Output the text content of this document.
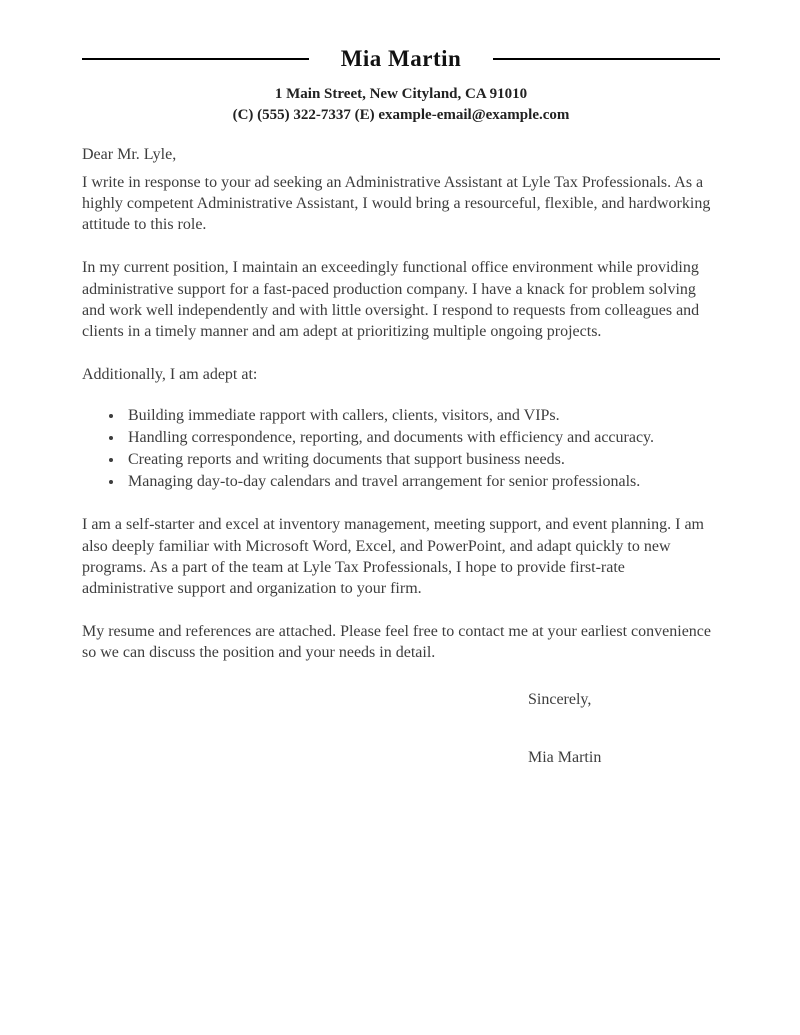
Mia Martin
1 Main Street, New Cityland, CA 91010
(C) (555) 322-7337 (E) example-email@example.com
Dear Mr. Lyle,

I write in response to your ad seeking an Administrative Assistant at Lyle Tax Professionals. As a highly competent Administrative Assistant, I would bring a resourceful, flexible, and hardworking attitude to this role.

In my current position, I maintain an exceedingly functional office environment while providing administrative support for a fast-paced production company. I have a knack for problem solving and work well independently and with little oversight. I respond to requests from colleagues and clients in a timely manner and am adept at prioritizing multiple ongoing projects.

Additionally, I am adept at:

• Building immediate rapport with callers, clients, visitors, and VIPs.
• Handling correspondence, reporting, and documents with efficiency and accuracy.
• Creating reports and writing documents that support business needs.
• Managing day-to-day calendars and travel arrangement for senior professionals.

I am a self-starter and excel at inventory management, meeting support, and event planning. I am also deeply familiar with Microsoft Word, Excel, and PowerPoint, and adapt quickly to new programs. As a part of the team at Lyle Tax Professionals, I hope to provide first-rate administrative support and organization to your firm.

My resume and references are attached. Please feel free to contact me at your earliest convenience so we can discuss the position and your needs in detail.

Sincerely,
Mia Martin
